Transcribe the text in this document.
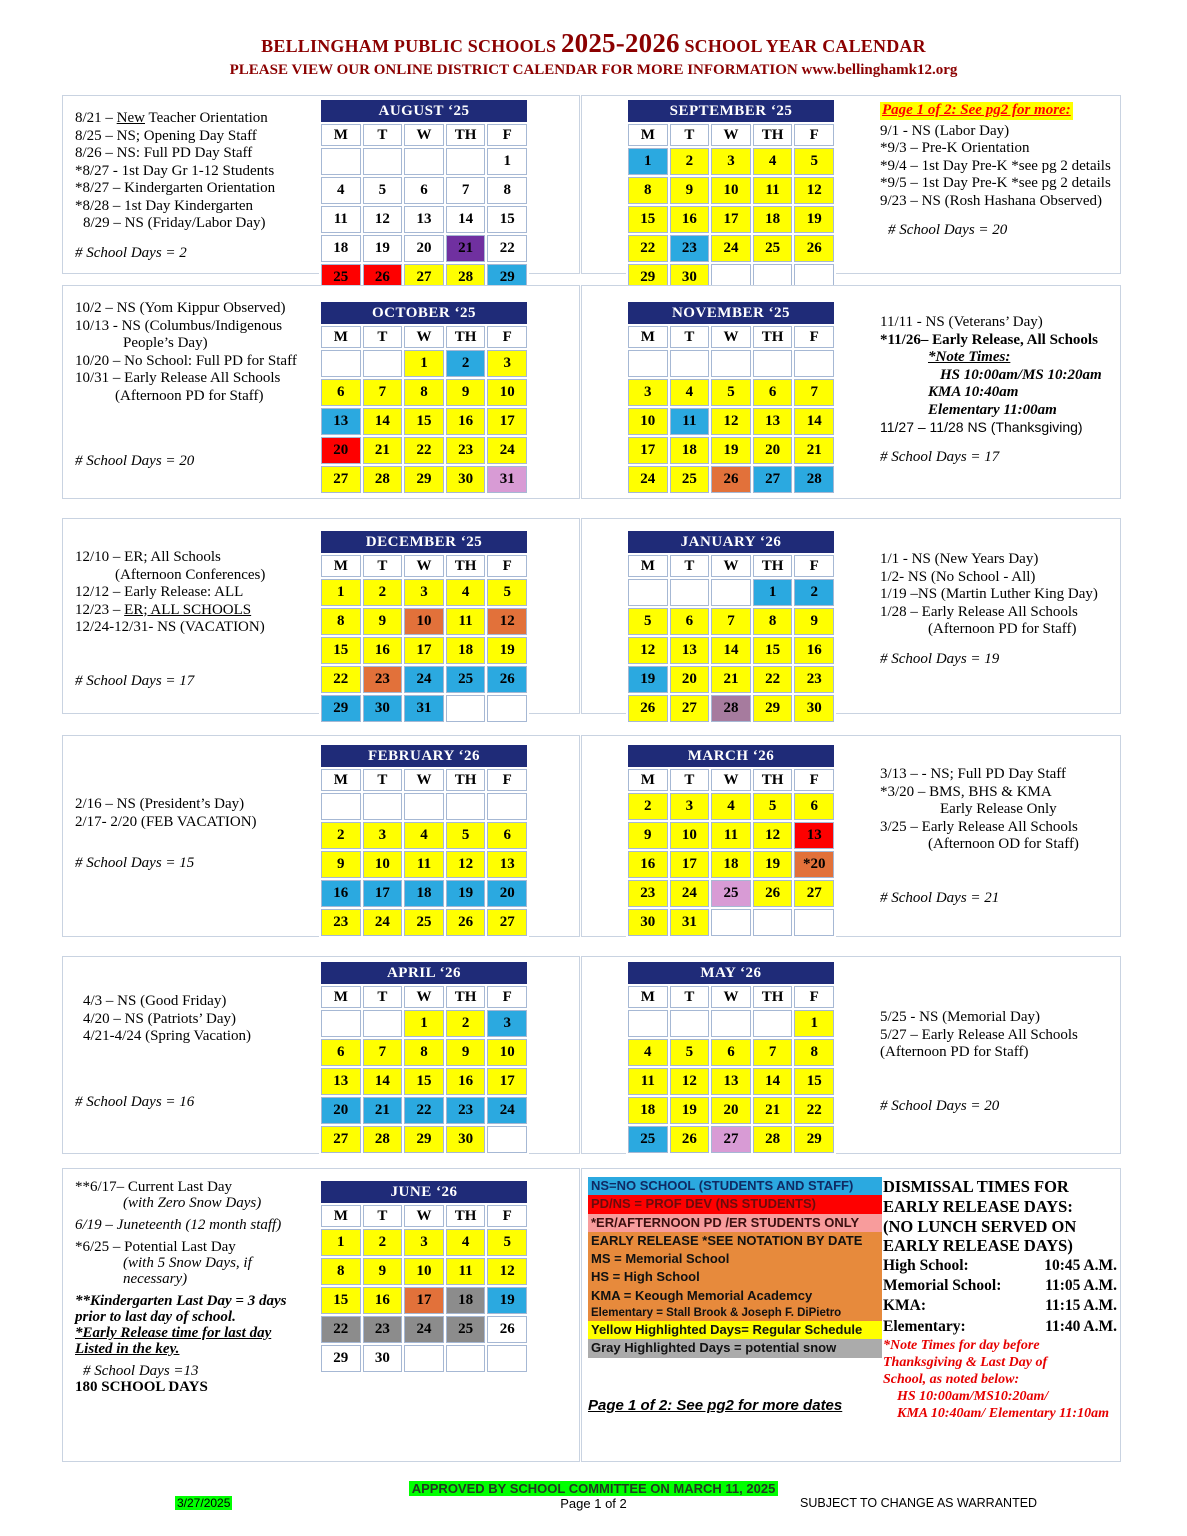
BELLINGHAM PUBLIC SCHOOLS 2025-2026 SCHOOL YEAR CALENDAR
PLEASE VIEW OUR ONLINE DISTRICT CALENDAR FOR MORE INFORMATION www.bellinghamk12.org
8/21 – New Teacher Orientation
8/25 – NS; Opening Day Staff
8/26 – NS: Full PD Day Staff
*8/27 - 1st Day Gr 1-12 Students
*8/27 – Kindergarten Orientation
*8/28 – 1st Day Kindergarten
8/29 – NS (Friday/Labor Day)
# School Days = 2
AUGUST ‘25				
M	T	W	TH	F
				1
4	5	6	7	8
11	12	13	14	15
18	19	20	21	22
25	26	27	28	29
SEPTEMBER ‘25				
M	T	W	TH	F
1	2	3	4	5
8	9	10	11	12
15	16	17	18	19
22	23	24	25	26
29	30			
Page 1 of 2: See pg2 for more:
9/1 - NS (Labor Day)
*9/3 – Pre-K Orientation
*9/4 – 1st Day Pre-K *see pg 2 details
*9/5 – 1st Day Pre-K *see pg 2 details
9/23 – NS (Rosh Hashana Observed)
# School Days = 20
10/2 – NS (Yom Kippur Observed)
10/13 - NS (Columbus/Indigenous
People’s Day)
10/20 – No School: Full PD for Staff
10/31 – Early Release All Schools
(Afternoon PD for Staff)
# School Days = 20
OCTOBER ‘25				
M	T	W	TH	F
		1	2	3
6	7	8	9	10
13	14	15	16	17
20	21	22	23	24
27	28	29	30	31
NOVEMBER ‘25				
M	T	W	TH	F

3	4	5	6	7
10	11	12	13	14
17	18	19	20	21
24	25	26	27	28
11/11 - NS (Veterans’ Day)
*11/26– Early Release, All Schools
*Note Times:
HS 10:00am/MS 10:20am
KMA 10:40am
Elementary 11:00am
11/27 – 11/28 NS (Thanksgiving)
# School Days = 17
12/10 – ER; All Schools
(Afternoon Conferences)
12/12 – Early Release: ALL
12/23 – ER; ALL SCHOOLS
12/24-12/31- NS (VACATION)
# School Days = 17
DECEMBER ‘25				
M	T	W	TH	F
1	2	3	4	5
8	9	10	11	12
15	16	17	18	19
22	23	24	25	26
29	30	31		
JANUARY ‘26				
M	T	W	TH	F
			1	2
5	6	7	8	9
12	13	14	15	16
19	20	21	22	23
26	27	28	29	30
1/1 - NS (New Years Day)
1/2- NS (No School - All)
1/19 –NS (Martin Luther King Day)
1/28 – Early Release All Schools
(Afternoon PD for Staff)
# School Days = 19
2/16 – NS (President’s Day)
2/17- 2/20 (FEB VACATION)
# School Days = 15
FEBRUARY ‘26				
M	T	W	TH	F

2	3	4	5	6
9	10	11	12	13
16	17	18	19	20
23	24	25	26	27
MARCH ‘26				
M	T	W	TH	F
2	3	4	5	6
9	10	11	12	13
16	17	18	19	*20
23	24	25	26	27
30	31			
3/13 – - NS; Full PD Day Staff
*3/20 – BMS, BHS & KMA
Early Release Only
3/25 – Early Release All Schools
(Afternoon OD for Staff)
# School Days = 21
4/3 – NS (Good Friday)
4/20 – NS (Patriots’ Day)
4/21-4/24 (Spring Vacation)
# School Days = 16
APRIL ‘26				
M	T	W	TH	F
		1	2	3
6	7	8	9	10
13	14	15	16	17
20	21	22	23	24
27	28	29	30	
MAY ‘26				
M	T	W	TH	F
				1
4	5	6	7	8
11	12	13	14	15
18	19	20	21	22
25	26	27	28	29
5/25 - NS (Memorial Day)
5/27 – Early Release All Schools
(Afternoon PD for Staff)
# School Days = 20
**6/17– Current Last Day
(with Zero Snow Days)
6/19 – Juneteenth (12 month staff)
*6/25 – Potential Last Day
(with 5 Snow Days, if
necessary)
**Kindergarten Last Day = 3 days
prior to last day of school.
*Early Release time for last day
Listed in the key.
# School Days =13
180 SCHOOL DAYS
JUNE ‘26				
M	T	W	TH	F
1	2	3	4	5
8	9	10	11	12
15	16	17	18	19
22	23	24	25	26
29	30			
NS=NO SCHOOL (STUDENTS AND STAFF)
PD/NS = PROF DEV (NS STUDENTS)
*ER/AFTERNOON PD /ER STUDENTS ONLY
EARLY RELEASE *SEE NOTATION BY DATE
MS = Memorial School
HS = High School
KMA = Keough Memorial Academcy
Elementary = Stall Brook & Joseph F. DiPietro
Yellow Highlighted Days= Regular Schedule
Gray Highlighted Days = potential snow
Page 1 of 2: See pg2 for more dates
DISMISSAL TIMES FOR
EARLY RELEASE DAYS:
(NO LUNCH SERVED ON
EARLY RELEASE DAYS)
High School:	10:45 A.M.
Memorial School:	11:05 A.M.
KMA:	11:15 A.M.
Elementary:	11:40 A.M.
*Note Times for day before
Thanksgiving & Last Day of
School, as noted below:
HS 10:00am/MS10:20am/
KMA 10:40am/ Elementary 11:10am
APPROVED BY SCHOOL COMMITTEE ON MARCH 11, 2025
3/27/2025	Page 1 of 2	SUBJECT TO CHANGE AS WARRANTED
